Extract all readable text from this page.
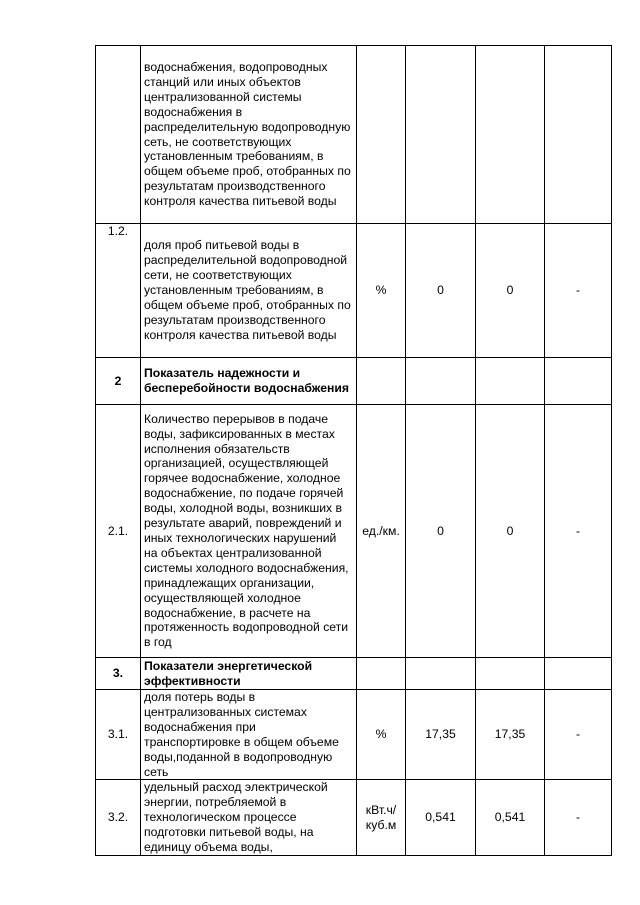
	водоснабжения, водопроводных станций или иных объектов централизованной системы водоснабжения в распределительную водопроводную сеть, не соответствующих установленным требованиям, в общем объеме проб, отобранных по результатам производственного контроля качества питьевой воды				
1.2.	доля проб питьевой воды в распределительной водопроводной сети, не соответствующих установленным требованиям, в общем объеме проб, отобранных по результатам производственного контроля качества питьевой воды	%	0	0	-
2	Показатель надежности и бесперебойности водоснабжения				
2.1.	Количество перерывов в подаче воды, зафиксированных в местах исполнения обязательств организацией, осуществляющей горячее водоснабжение, холодное водоснабжение, по подаче горячей воды, холодной воды, возникших в результате аварий, повреждений и иных технологических нарушений на объектах централизованной системы холодного водоснабжения, принадлежащих организации, осуществляющей холодное водоснабжение, в расчете на протяженность водопроводной сети в год	ед./км.	0	0	-
3.	Показатели энергетической эффективности				
3.1.	доля потерь воды в централизованных системах водоснабжения при транспортировке в общем объеме воды,поданной в водопроводную сеть	%	17,35	17,35	-
3.2.	удельный расход электрической энергии, потребляемой в технологическом процессе подготовки питьевой воды, на единицу объема воды,	кВт.ч/ куб.м	0,541	0,541	-
